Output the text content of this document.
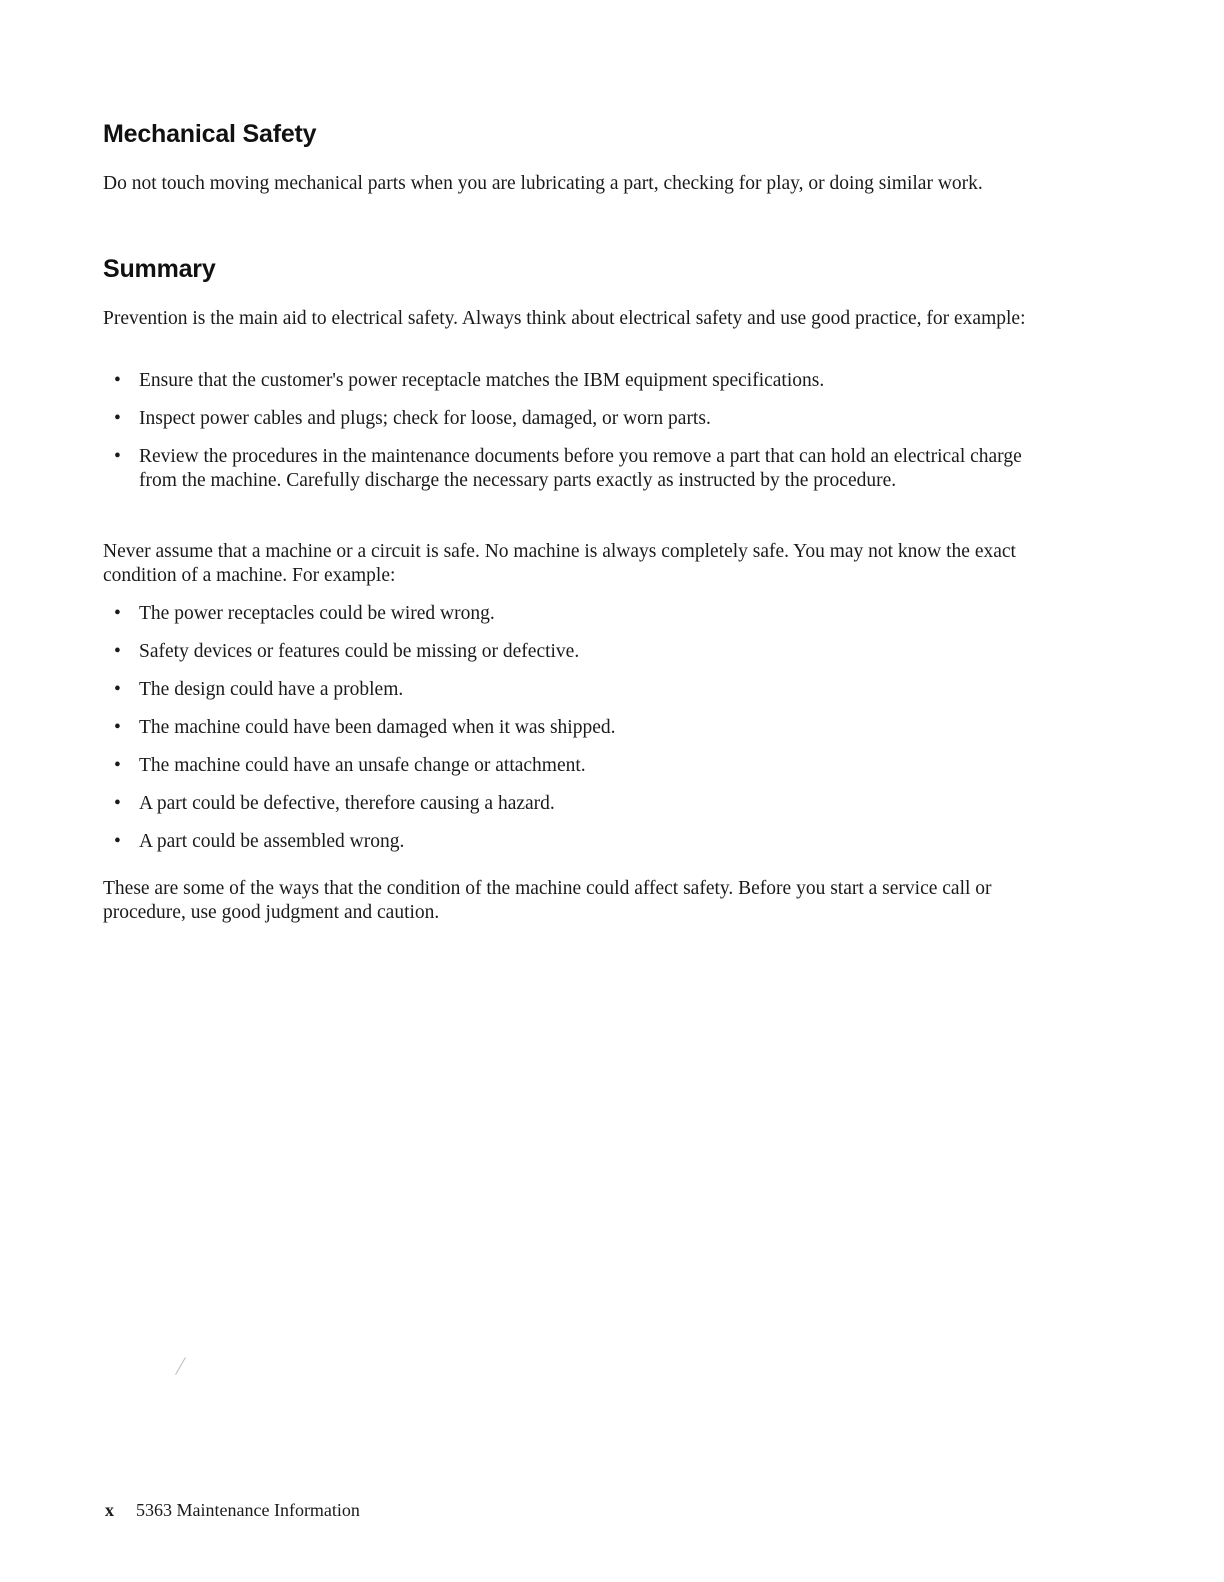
Mechanical Safety

Do not touch moving mechanical parts when you are lubricating a part, checking for play, or doing similar work.

Summary

Prevention is the main aid to electrical safety. Always think about electrical safety and use good practice, for example:

• Ensure that the customer's power receptacle matches the IBM equipment specifications.
• Inspect power cables and plugs; check for loose, damaged, or worn parts.
• Review the procedures in the maintenance documents before you remove a part that can hold an electrical charge from the machine. Carefully discharge the necessary parts exactly as instructed by the procedure.

Never assume that a machine or a circuit is safe. No machine is always completely safe. You may not know the exact condition of a machine. For example:

• The power receptacles could be wired wrong.
• Safety devices or features could be missing or defective.
• The design could have a problem.
• The machine could have been damaged when it was shipped.
• The machine could have an unsafe change or attachment.
• A part could be defective, therefore causing a hazard.
• A part could be assembled wrong.

These are some of the ways that the condition of the machine could affect safety. Before you start a service call or procedure, use good judgment and caution.

x 5363 Maintenance Information
